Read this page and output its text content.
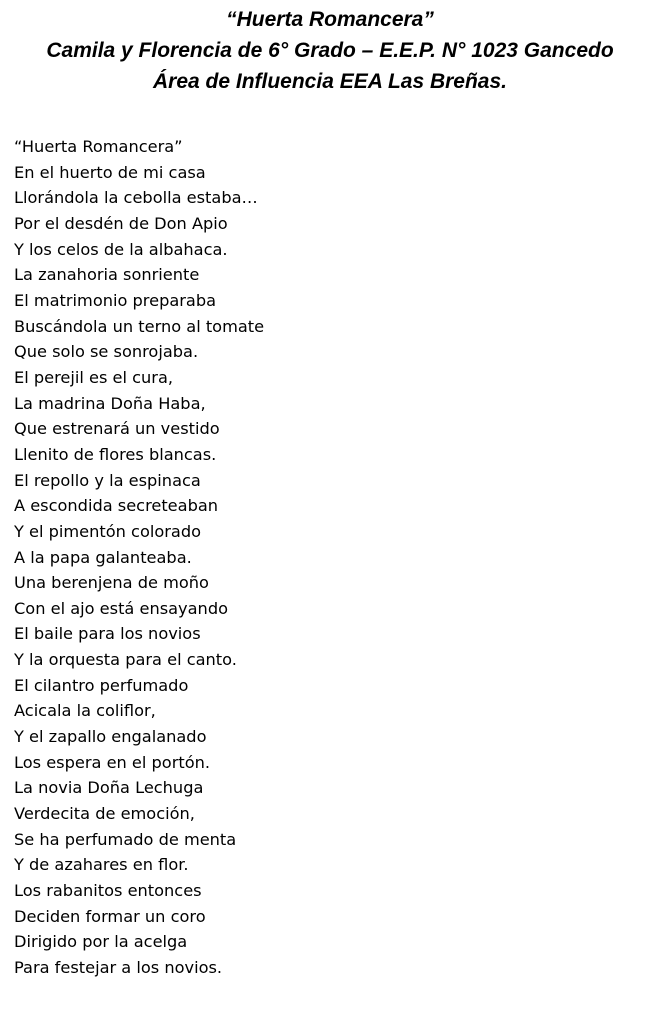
“Huerta Romancera”
Camila y Florencia de 6° Grado – E.E.P. N° 1023 Gancedo
Área de Influencia EEA Las Breñas.
“Huerta Romancera”
En el huerto de mi casa
Llorándola la cebolla estaba…
Por el desdén de Don Apio
Y los celos de la albahaca.
La zanahoria sonriente
El matrimonio preparaba
Buscándola un terno al tomate
Que solo se sonrojaba.
El perejil es el cura,
La madrina Doña Haba,
Que estrenará un vestido
Llenito de flores blancas.
El repollo y la espinaca
A escondida secreteaban
Y el pimentón colorado
A la papa galanteaba.
Una berenjena de moño
Con el ajo está ensayando
El baile para los novios
Y la orquesta para el canto.
El cilantro perfumado
Acicala la coliflor,
Y el zapallo engalanado
Los espera en el portón.
La novia Doña Lechuga
Verdecita de emoción,
Se ha perfumado de menta
Y de azahares en flor.
Los rabanitos entonces
Deciden formar un coro
Dirigido por la acelga
Para festejar a los novios.
